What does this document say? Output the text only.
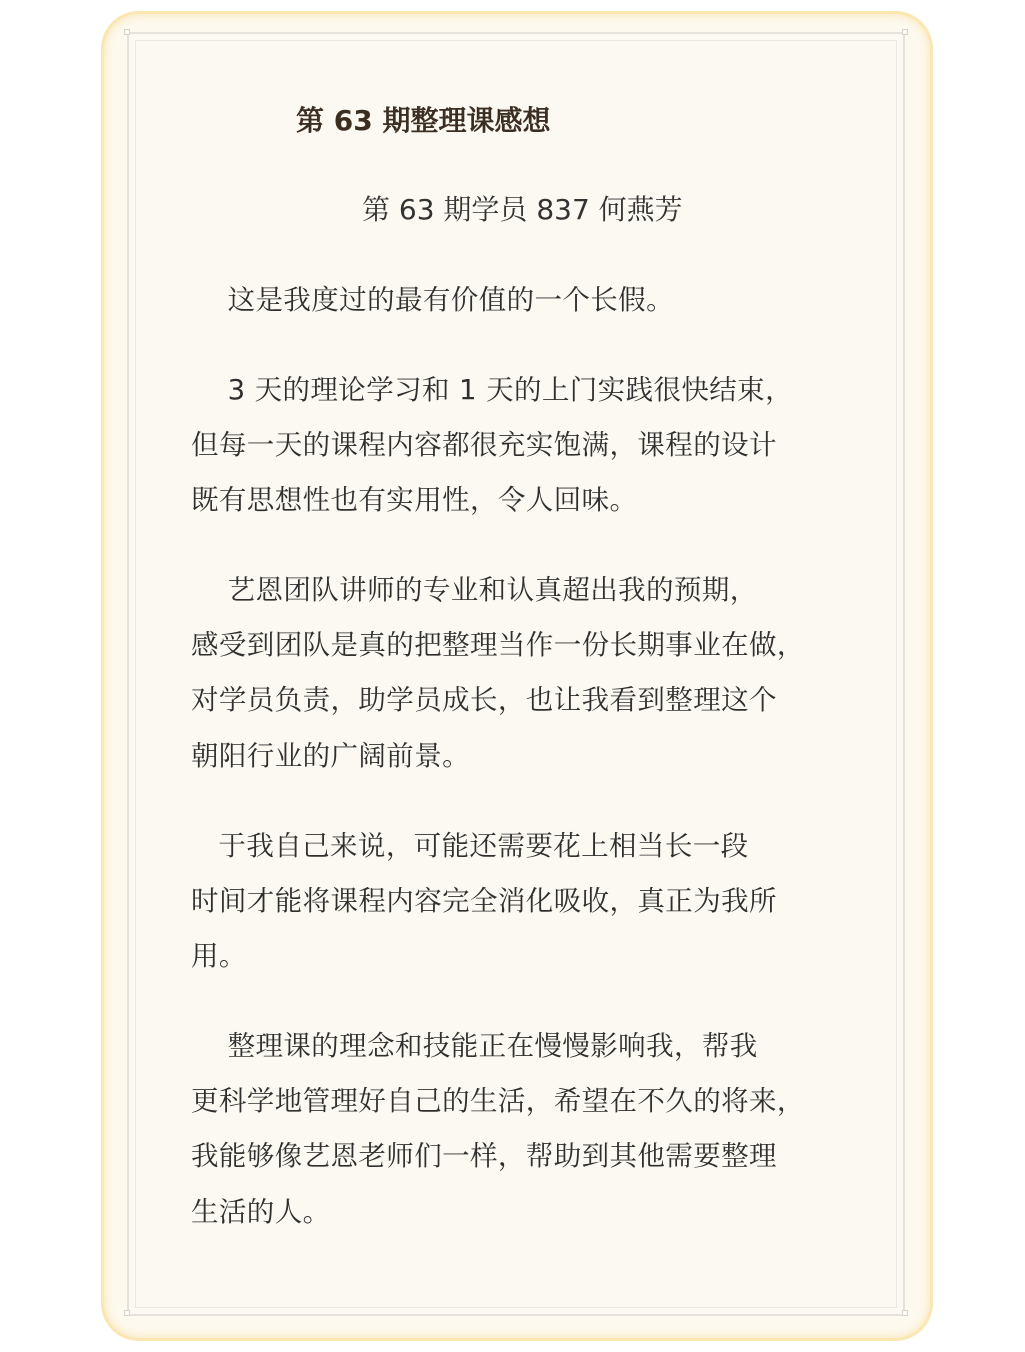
第 63 期整理课感想

第 63 期学员 837 何燕芳

这是我度过的最有价值的一个长假。

3 天的理论学习和 1 天的上门实践很快结束，

但每一天的课程内容都很充实饱满，课程的设计

既有思想性也有实用性，令人回味。

艺恩团队讲师的专业和认真超出我的预期，

感受到团队是真的把整理当作一份长期事业在做，

对学员负责，助学员成长，也让我看到整理这个

朝阳行业的广阔前景。

于我自己来说，可能还需要花上相当长一段

时间才能将课程内容完全消化吸收，真正为我所

用。

整理课的理念和技能正在慢慢影响我，帮我

更科学地管理好自己的生活，希望在不久的将来，

我能够像艺恩老师们一样，帮助到其他需要整理

生活的人。
